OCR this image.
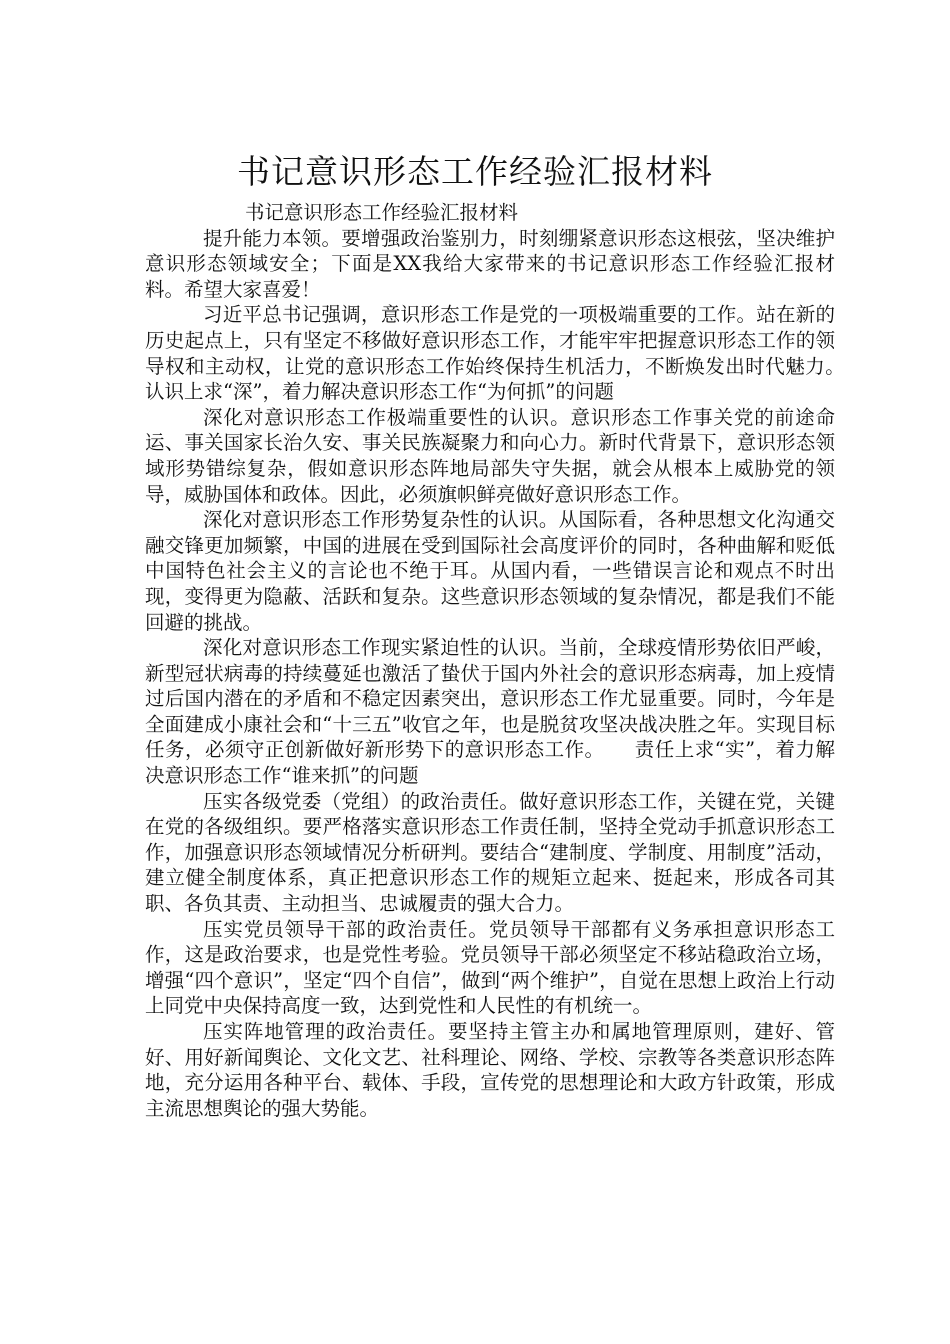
书记意识形态工作经验汇报材料

书记意识形态工作经验汇报材料

提升能力本领。要增强政治鉴别力，时刻绷紧意识形态这根弦，坚决维护意识形态领域安全；下面是XX我给大家带来的书记意识形态工作经验汇报材料。希望大家喜爱！

习近平总书记强调，意识形态工作是党的一项极端重要的工作。站在新的历史起点上，只有坚定不移做好意识形态工作，才能牢牢把握意识形态工作的领导权和主动权，让党的意识形态工作始终保持生机活力，不断焕发出时代魅力。　　认识上求“深”，着力解决意识形态工作“为何抓”的问题

深化对意识形态工作极端重要性的认识。意识形态工作事关党的前途命运、事关国家长治久安、事关民族凝聚力和向心力。新时代背景下，意识形态领域形势错综复杂，假如意识形态阵地局部失守失据，就会从根本上威胁党的领导，威胁国体和政体。因此，必须旗帜鲜亮做好意识形态工作。

深化对意识形态工作形势复杂性的认识。从国际看，各种思想文化沟通交融交锋更加频繁，中国的进展在受到国际社会高度评价的同时，各种曲解和贬低中国特色社会主义的言论也不绝于耳。从国内看，一些错误言论和观点不时出现，变得更为隐蔽、活跃和复杂。这些意识形态领域的复杂情况，都是我们不能回避的挑战。

深化对意识形态工作现实紧迫性的认识。当前，全球疫情形势依旧严峻，新型冠状病毒的持续蔓延也激活了蛰伏于国内外社会的意识形态病毒，加上疫情过后国内潜在的矛盾和不稳定因素突出，意识形态工作尤显重要。同时，今年是全面建成小康社会和“十三五”收官之年，也是脱贫攻坚决战决胜之年。实现目标任务，必须守正创新做好新形势下的意识形态工作。　　责任上求“实”，着力解决意识形态工作“谁来抓”的问题

压实各级党委（党组）的政治责任。做好意识形态工作，关键在党，关键在党的各级组织。要严格落实意识形态工作责任制，坚持全党动手抓意识形态工作，加强意识形态领域情况分析研判。要结合“建制度、学制度、用制度”活动，建立健全制度体系，真正把意识形态工作的规矩立起来、挺起来，形成各司其职、各负其责、主动担当、忠诚履责的强大合力。

压实党员领导干部的政治责任。党员领导干部都有义务承担意识形态工作，这是政治要求，也是党性考验。党员领导干部必须坚定不移站稳政治立场，增强“四个意识”，坚定“四个自信”，做到“两个维护”，自觉在思想上政治上行动上同党中央保持高度一致，达到党性和人民性的有机统一。

压实阵地管理的政治责任。要坚持主管主办和属地管理原则，建好、管好、用好新闻舆论、文化文艺、社科理论、网络、学校、宗教等各类意识形态阵地，充分运用各种平台、载体、手段，宣传党的思想理论和大政方针政策，形成主流思想舆论的强大势能。
